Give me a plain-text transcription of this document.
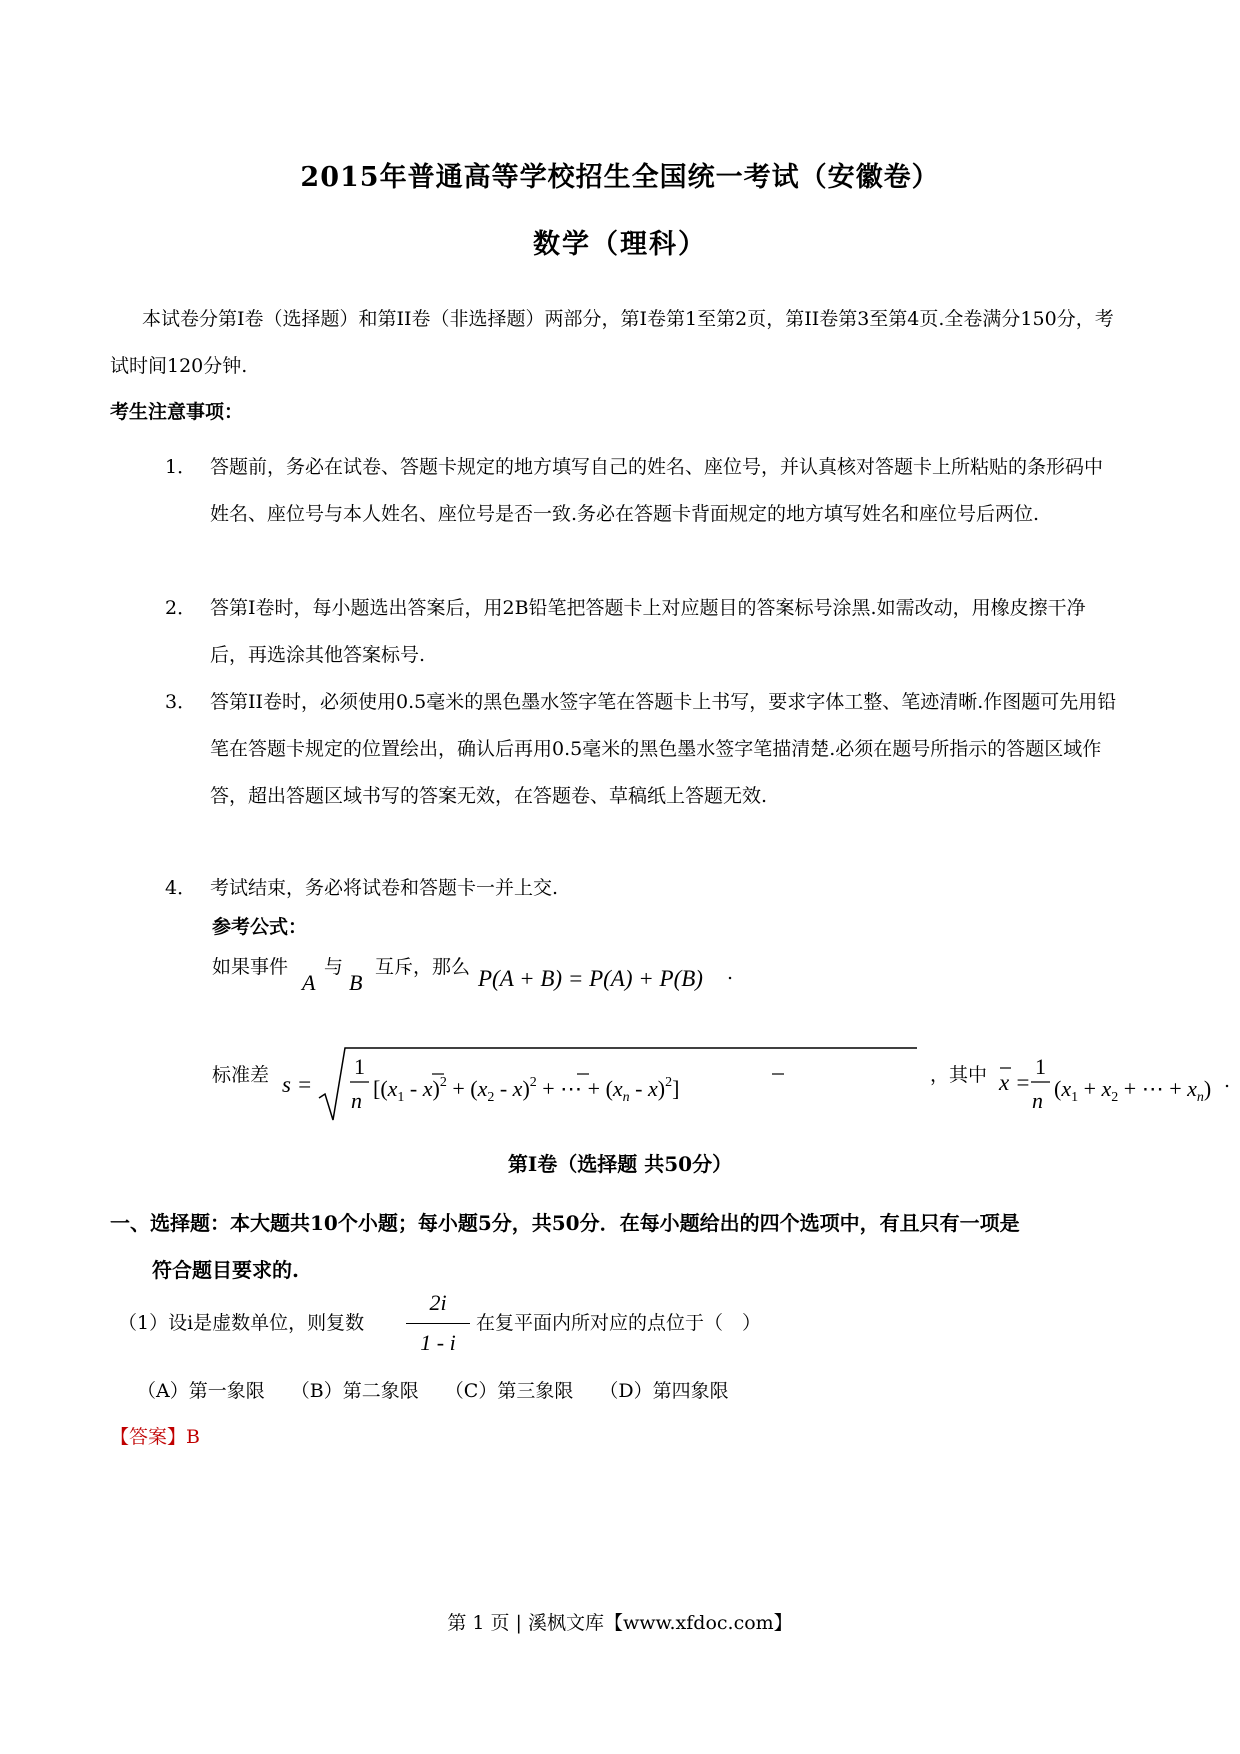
2015年普通高等学校招生全国统一考试（安徽卷）
数学（理科）
本试卷分第I卷（选择题）和第II卷（非选择题）两部分，第I卷第1至第2页，第II卷第3至第4页.全卷满分150分，考试时间120分钟.
考生注意事项：
1． 答题前，务必在试卷、答题卡规定的地方填写自己的姓名、座位号，并认真核对答题卡上所粘贴的条形码中姓名、座位号与本人姓名、座位号是否一致.务必在答题卡背面规定的地方填写姓名和座位号后两位.
2． 答第I卷时，每小题选出答案后，用2B铅笔把答题卡上对应题目的答案标号涂黑.如需改动，用橡皮擦干净后，再选涂其他答案标号.
3． 答第II卷时，必须使用0.5毫米的黑色墨水签字笔在答题卡上书写，要求字体工整、笔迹清晰.作图题可先用铅笔在答题卡规定的位置绘出，确认后再用0.5毫米的黑色墨水签字笔描清楚.必须在题号所指示的答题区域作答，超出答题区域书写的答案无效，在答题卷、草稿纸上答题无效.
4． 考试结束，务必将试卷和答题卡一并上交.
参考公式：
如果事件
A
与
B
互斥，那么 P(A + B) = P(A) + P(B) .
标准差 s =
1
n [$(x_1 - x)^2 + (x_2 - x)^2$ + ⋯ + $(x_n - x)^2$]
，其中 x =
1
n ($x_1 + x_2$ + ⋯ + $x_n$) .
第Ⅰ卷（选择题 共50分）
一、选择题：本大题共10个小题；每小题5分，共50分．在每小题给出的四个选项中，有且只有一项是
符合题目要求的.
（1）设i是虚数单位，则复数
2i
1 - i
在复平面内所对应的点位于（　）
（A）第一象限 （B）第二象限 （C）第三象限 （D）第四象限
【答案】B
第 1 页 | 溪枫文库【www.xfdoc.com】
